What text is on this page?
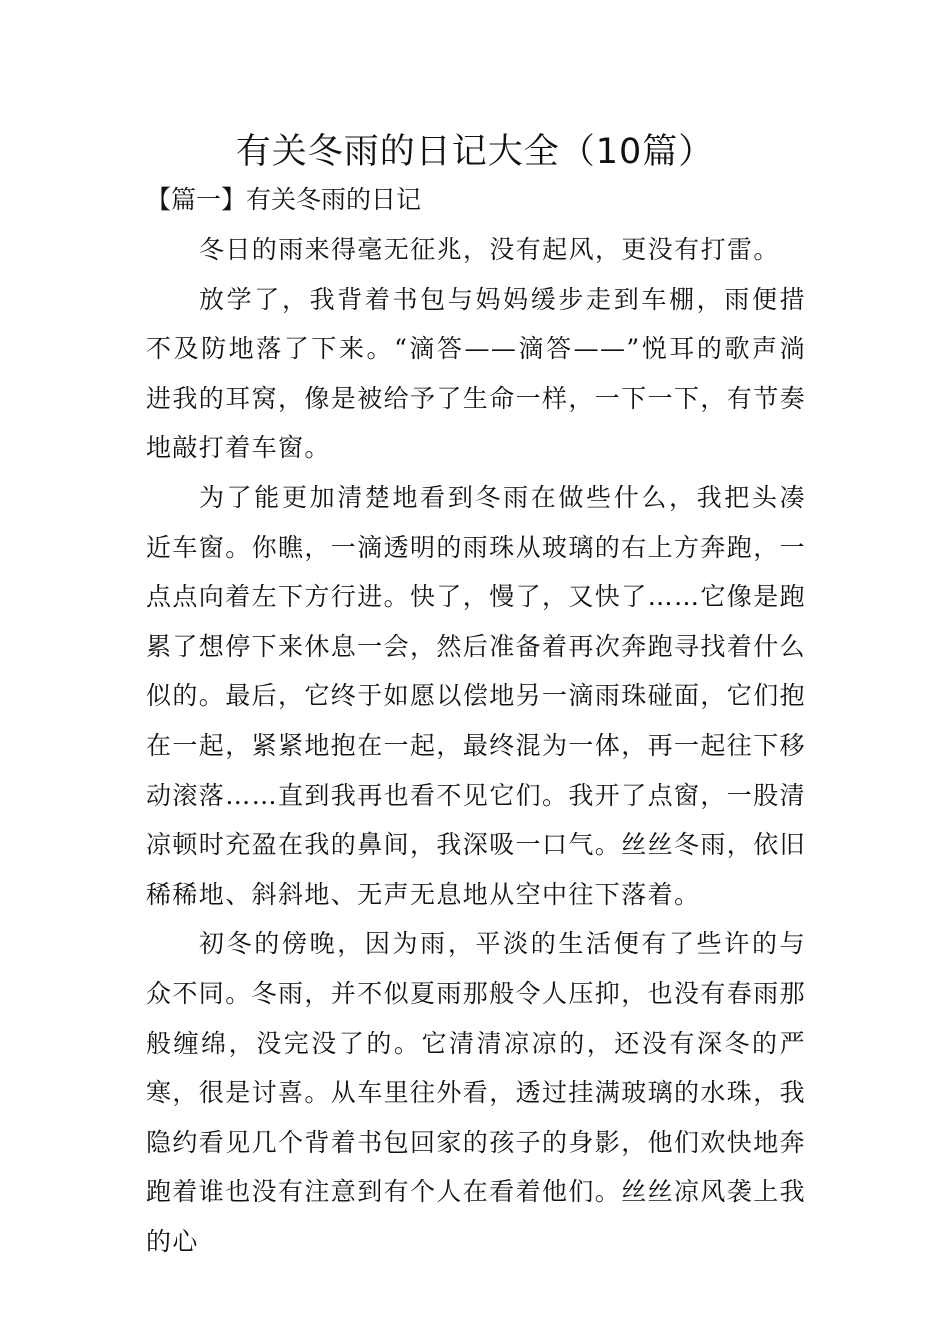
有关冬雨的日记大全（10篇）
【篇一】有关冬雨的日记

冬日的雨来得毫无征兆，没有起风，更没有打雷。

放学了，我背着书包与妈妈缓步走到车棚，雨便措不及防地落了下来。“滴答——滴答——”悦耳的歌声淌进我的耳窝，像是被给予了生命一样，一下一下，有节奏地敲打着车窗。

为了能更加清楚地看到冬雨在做些什么，我把头凑近车窗。你瞧，一滴透明的雨珠从玻璃的右上方奔跑，一点点向着左下方行进。快了，慢了，又快了……它像是跑累了想停下来休息一会，然后准备着再次奔跑寻找着什么似的。最后，它终于如愿以偿地另一滴雨珠碰面，它们抱在一起，紧紧地抱在一起，最终混为一体，再一起往下移动滚落……直到我再也看不见它们。我开了点窗，一股清凉顿时充盈在我的鼻间，我深吸一口气。丝丝冬雨，依旧稀稀地、斜斜地、无声无息地从空中往下落着。

初冬的傍晚，因为雨，平淡的生活便有了些许的与众不同。冬雨，并不似夏雨那般令人压抑，也没有春雨那般缠绵，没完没了的。它清清凉凉的，还没有深冬的严寒，很是讨喜。从车里往外看，透过挂满玻璃的水珠，我隐约看见几个背着书包回家的孩子的身影，他们欢快地奔跑着谁也没有注意到有个人在看着他们。丝丝凉风袭上我的心
